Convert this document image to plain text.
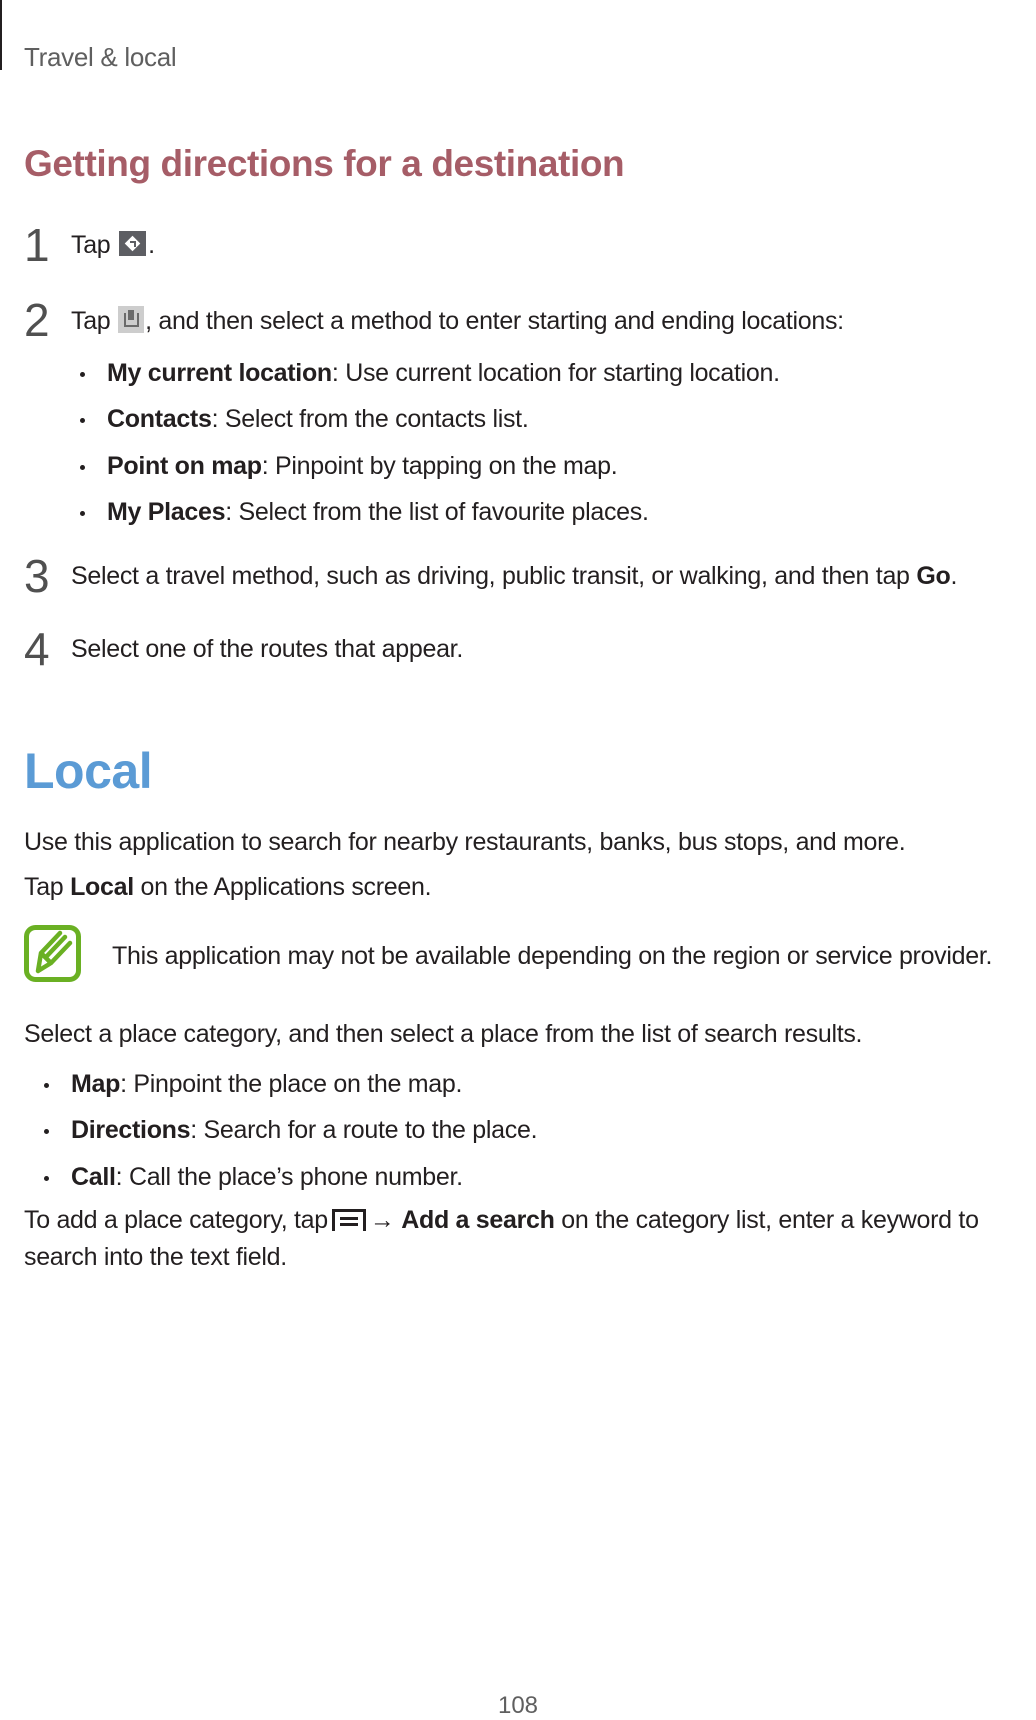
Travel & local
Getting directions for a destination
1 Tap .
2 Tap , and then select a method to enter starting and ending locations:
My current location: Use current location for starting location.
Contacts: Select from the contacts list.
Point on map: Pinpoint by tapping on the map.
My Places: Select from the list of favourite places.
3 Select a travel method, such as driving, public transit, or walking, and then tap Go.
4 Select one of the routes that appear.
Local
Use this application to search for nearby restaurants, banks, bus stops, and more.
Tap Local on the Applications screen.
This application may not be available depending on the region or service provider.
Select a place category, and then select a place from the list of search results.
Map: Pinpoint the place on the map.
Directions: Search for a route to the place.
Call: Call the place’s phone number.
To add a place category, tap → Add a search on the category list, enter a keyword to
search into the text field.
108
